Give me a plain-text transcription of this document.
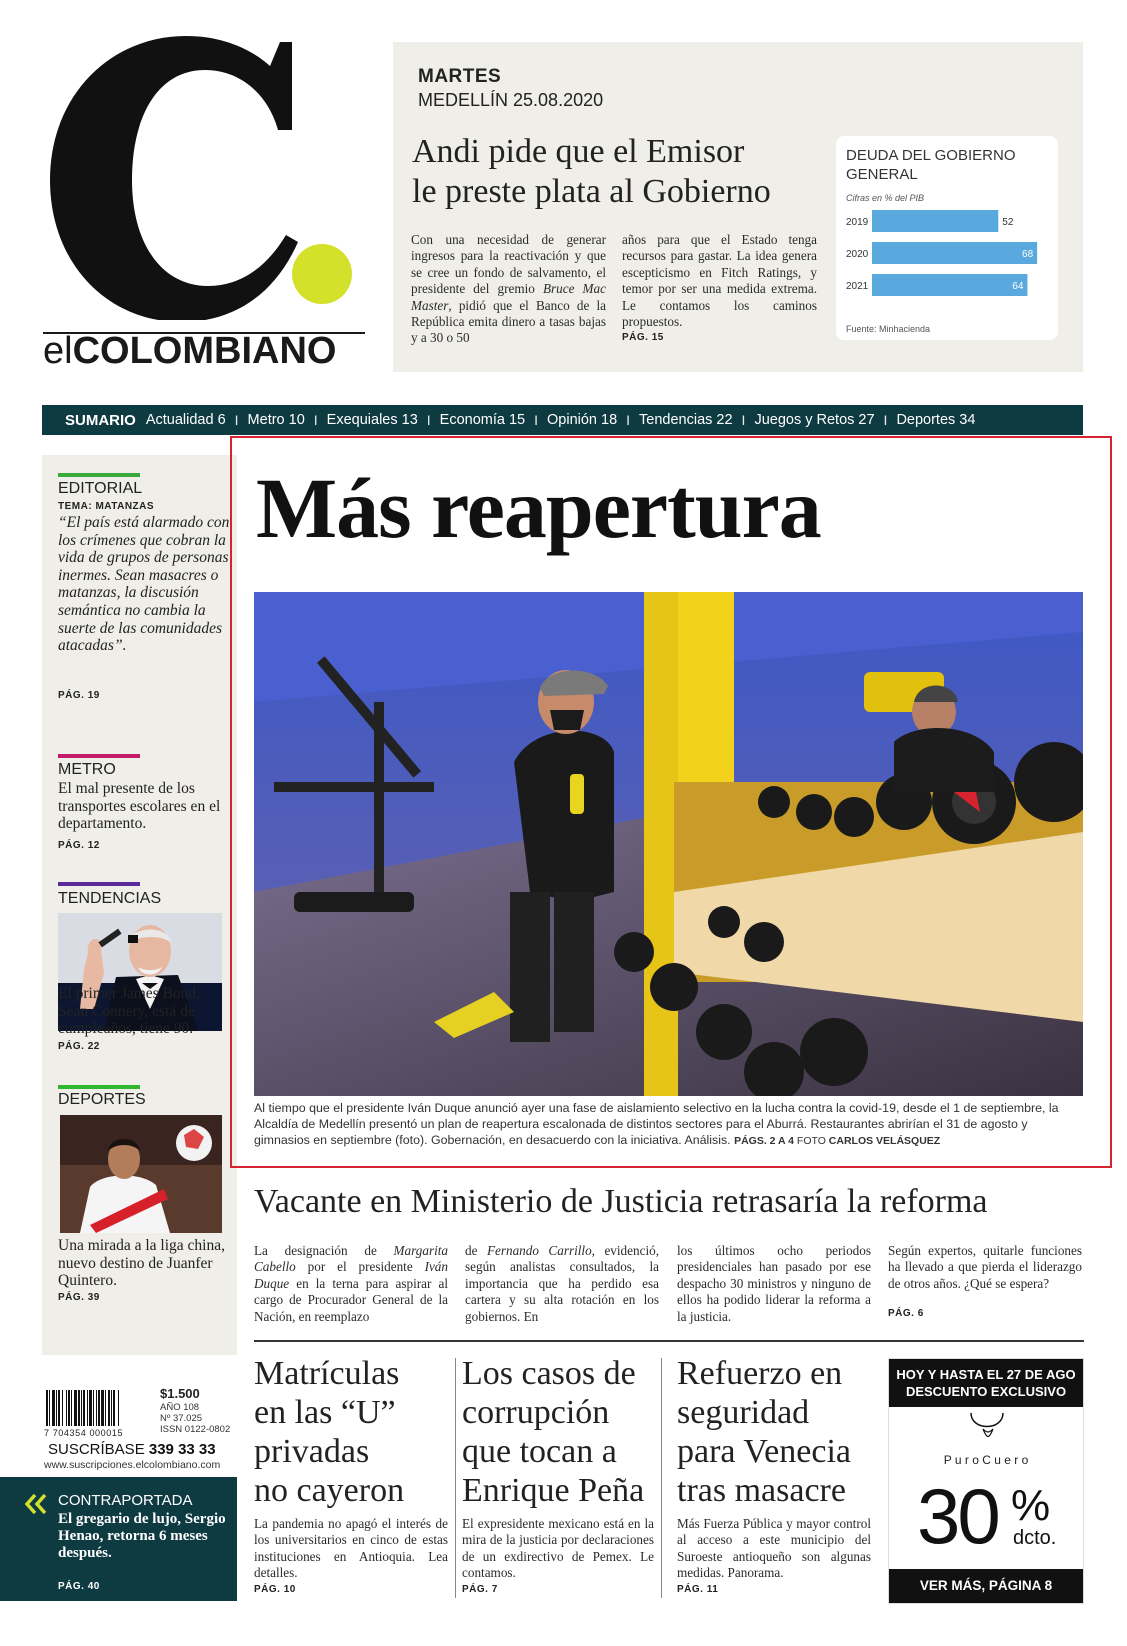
elCOLOMBIANO
MARTES
MEDELLÍN 25.08.2020
Andi pide que el Emisor
le preste plata al Gobierno
Con una necesidad de generar ingresos para la reactivación y que se cree un fondo de salvamento, el presidente del gremio Bruce Mac Master, pidió que el Banco de la República emita dinero a tasas bajas y a 30 o 50
años para que el Estado tenga recursos para gastar. La idea genera escepticismo en Fitch Ratings, y temor por ser una medida extrema. Le contamos los caminos propuestos.
PÁG. 15
DEUDA DEL GOBIERNO GENERAL
Cifras en % del PIB
2019	52
2020	68
2021	64
Fuente: Minhacienda
SUMARIO Actualidad 6 I Metro 10 I Exequiales 13 I Economía 15 I Opinión 18 I Tendencias 22 I Juegos y Retos 27 I Deportes 34
EDITORIAL
TEMA: MATANZAS
“El país está alarmado con los crímenes que cobran la vida de grupos de personas inermes. Sean masacres o matanzas, la discusión semántica no cambia la suerte de las comunidades atacadas”.
PÁG. 19
METRO
El mal presente de los transportes escolares en el departamento.
PÁG. 12
TENDENCIAS
El primer James Bond, Sean Connery, está de cumpleaños, tiene 90.
PÁG. 22
DEPORTES
Una mirada a la liga china, nuevo destino de Juanfer Quintero.
PÁG. 39
Más reapertura
Al tiempo que el presidente Iván Duque anunció ayer una fase de aislamiento selectivo en la lucha contra la covid-19, desde el 1 de septiembre, la Alcaldía de Medellín presentó un plan de reapertura escalonada de distintos sectores para el Aburrá. Restaurantes abrirían el 31 de agosto y gimnasios en septiembre (foto). Gobernación, en desacuerdo con la iniciativa. Análisis. PÁGS. 2 A 4 FOTO CARLOS VELÁSQUEZ
Vacante en Ministerio de Justicia retrasaría la reforma
La designación de Margarita Cabello por el presidente Iván Duque en la terna para aspirar al cargo de Procurador General de la Nación, en reemplazo
de Fernando Carrillo, evidenció, según analistas consultados, la importancia que ha perdido esa cartera y su alta rotación en los gobiernos. En
los últimos ocho periodos presidenciales han pasado por ese despacho 30 ministros y ninguno de ellos ha podido liderar la reforma a la justicia.
Según expertos, quitarle funciones ha llevado a que pierda el liderazgo de otros años. ¿Qué se espera?
PÁG. 6
Matrículas
en las “U”
privadas
no cayeron
La pandemia no apagó el interés de los universitarios en cinco de estas instituciones en Antioquia. Lea detalles.
PÁG. 10
Los casos de
corrupción
que tocan a
Enrique Peña
El expresidente mexicano está en la mira de la justicia por declaraciones de un exdirectivo de Pemex. Le contamos.
PÁG. 7
Refuerzo en
seguridad
para Venecia
tras masacre
Más Fuerza Pública y mayor control al acceso a este municipio del Suroeste antioqueño son algunas medidas. Panorama.
PÁG. 11
HOY Y HASTA EL 27 DE AGO
DESCUENTO EXCLUSIVO
P u r o C u e r o
30 %
dcto.
VER MÁS, PÁGINA 8
7 704354 000015
$1.500
AÑO 108
Nº 37.025
ISSN 0122-0802
SUSCRÍBASE 339 33 33
www.suscripciones.elcolombiano.com
CONTRAPORTADA
El gregario de lujo, Sergio Henao, retorna 6 meses después.
PÁG. 40
